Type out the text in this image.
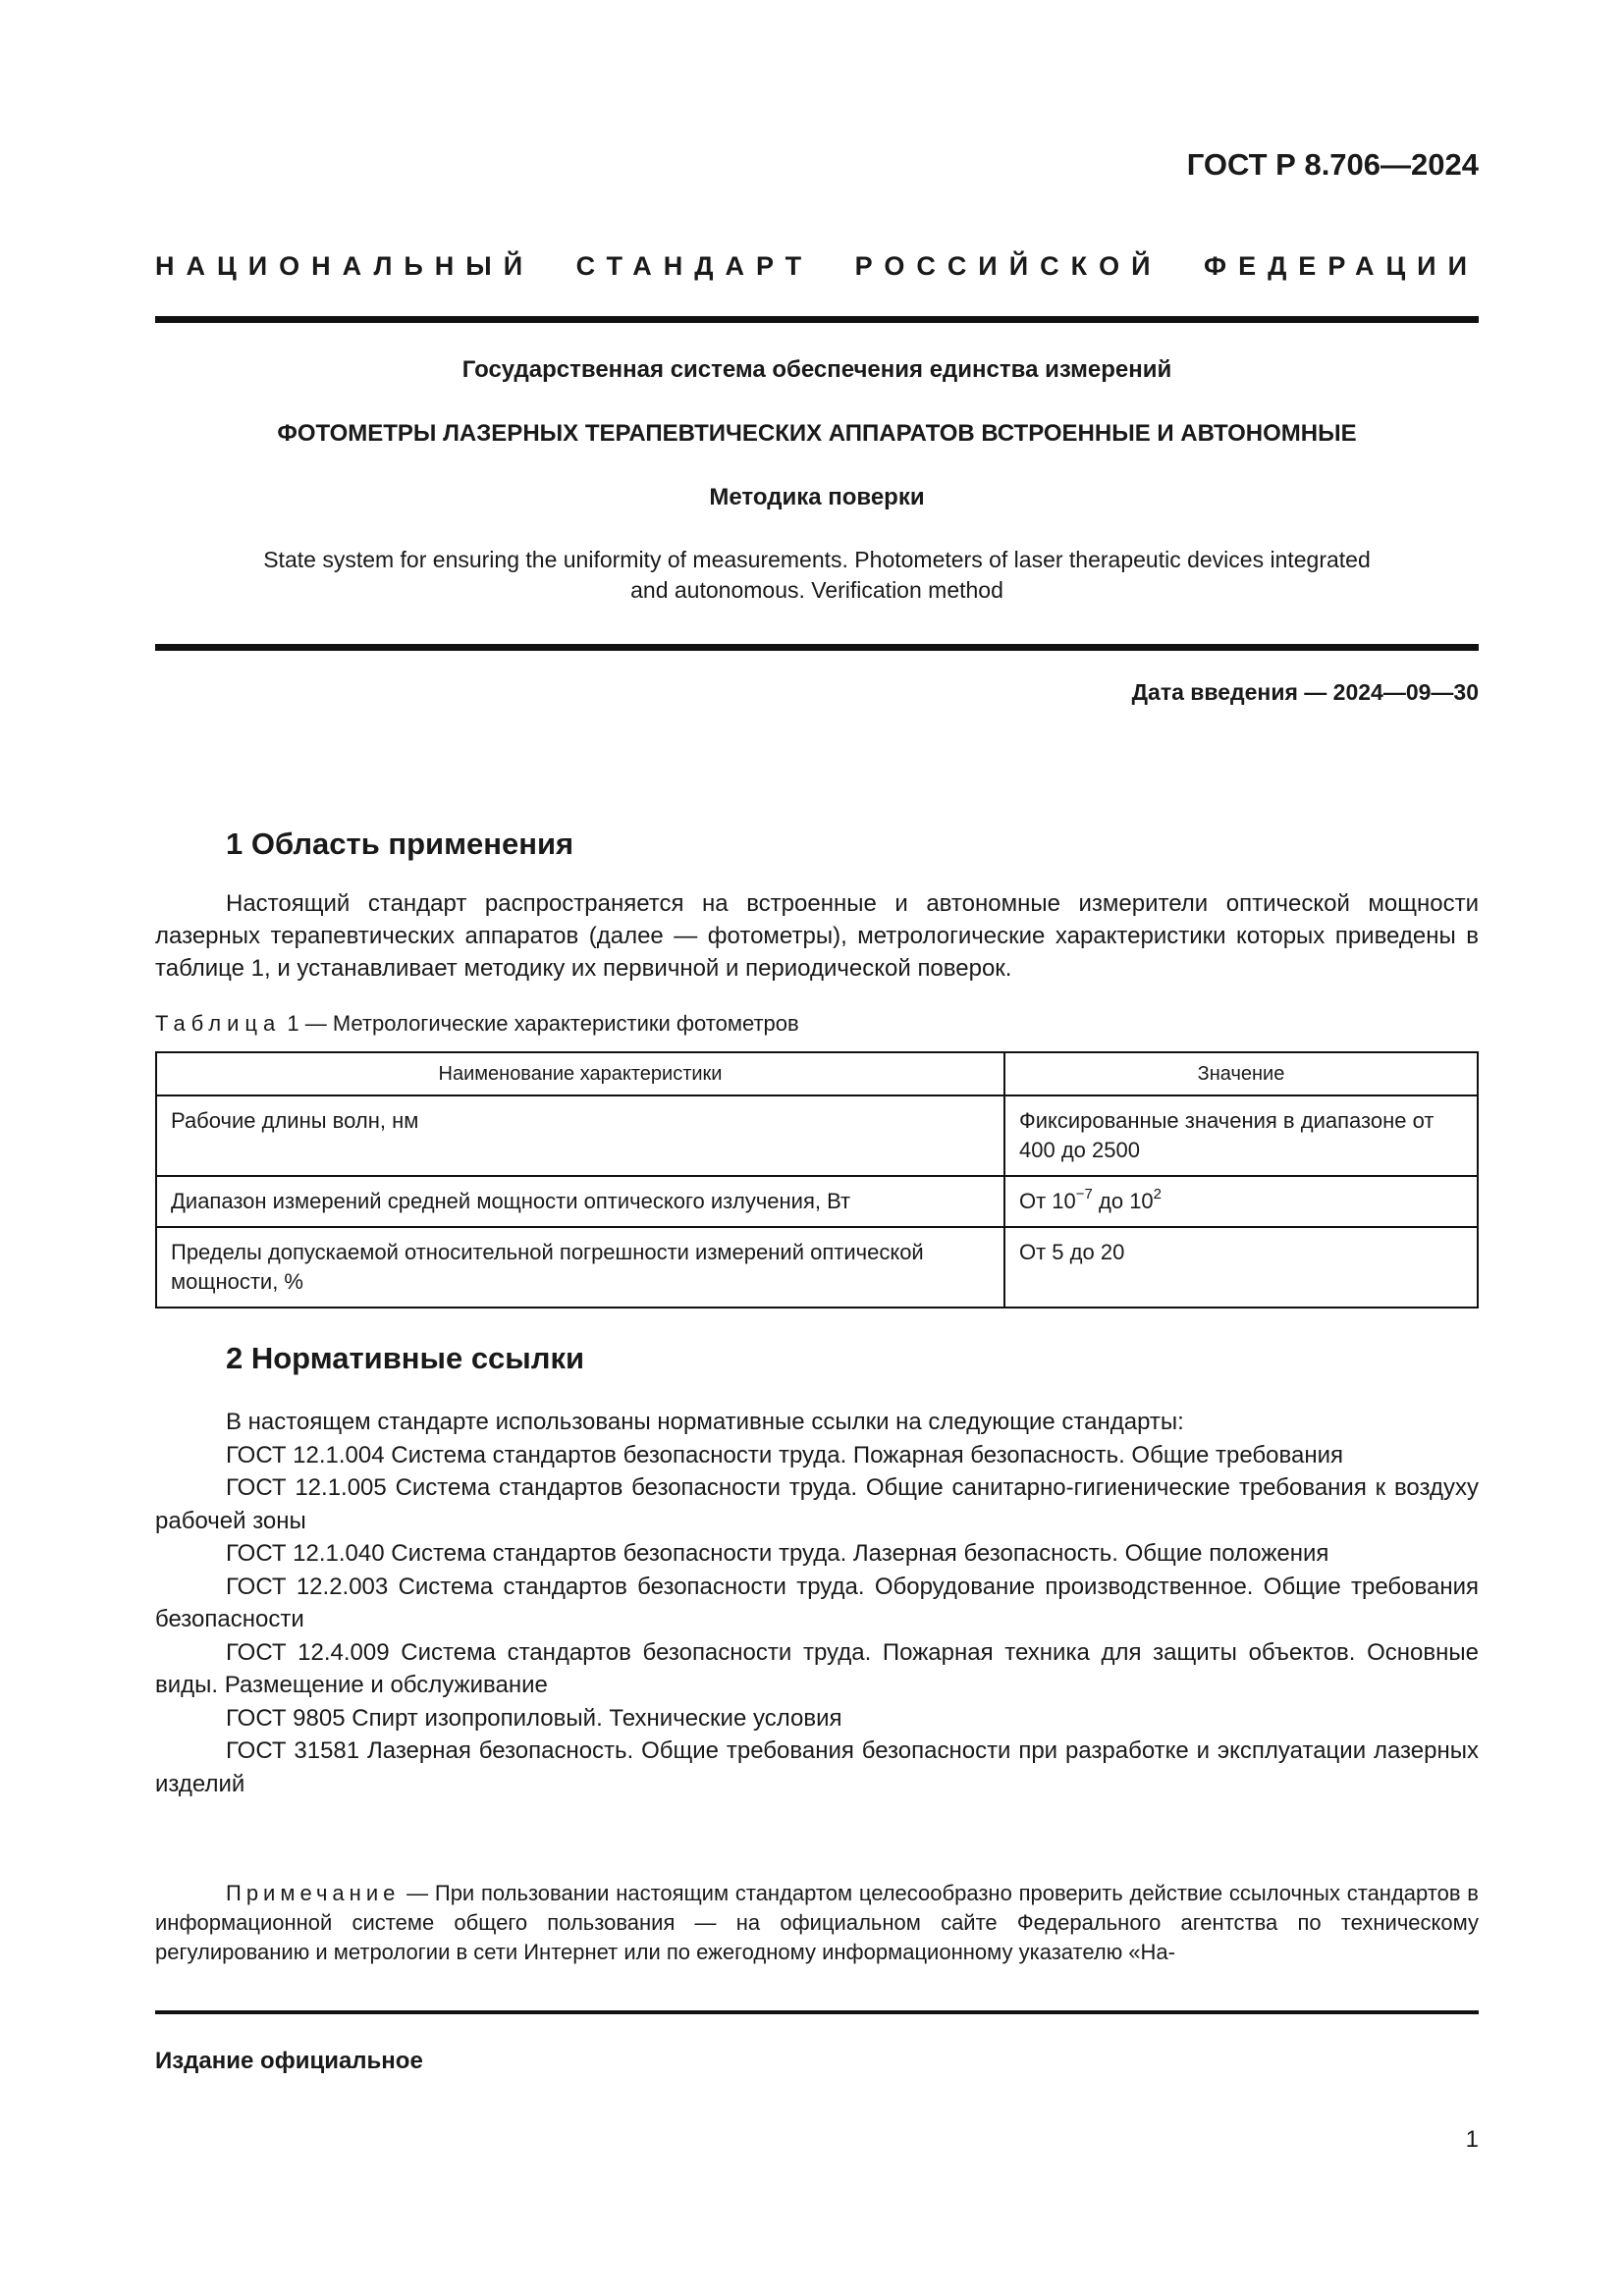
ГОСТ Р 8.706—2024
НАЦИОНАЛЬНЫЙ СТАНДАРТ РОССИЙСКОЙ ФЕДЕРАЦИИ
Государственная система обеспечения единства измерений
ФОТОМЕТРЫ ЛАЗЕРНЫХ ТЕРАПЕВТИЧЕСКИХ АППАРАТОВ ВСТРОЕННЫЕ И АВТОНОМНЫЕ
Методика поверки
State system for ensuring the uniformity of measurements. Photometers of laser therapeutic devices integrated and autonomous. Verification method
Дата введения — 2024—09—30
1 Область применения
Настоящий стандарт распространяется на встроенные и автономные измерители оптической мощности лазерных терапевтических аппаратов (далее — фотометры), метрологические характеристики которых приведены в таблице 1, и устанавливает методику их первичной и периодической поверок.
Таблица 1 — Метрологические характеристики фотометров
Наименование характеристики	Значение
Рабочие длины волн, нм	Фиксированные значения в диапазоне от 400 до 2500
Диапазон измерений средней мощности оптического излучения, Вт	От $10^{-7}$ до $10^2$
Пределы допускаемой относительной погрешности измерений оптической мощности, %	От 5 до 20
2 Нормативные ссылки
В настоящем стандарте использованы нормативные ссылки на следующие стандарты:
ГОСТ 12.1.004 Система стандартов безопасности труда. Пожарная безопасность. Общие требования
ГОСТ 12.1.005 Система стандартов безопасности труда. Общие санитарно-гигиенические требования к воздуху рабочей зоны
ГОСТ 12.1.040 Система стандартов безопасности труда. Лазерная безопасность. Общие положения
ГОСТ 12.2.003 Система стандартов безопасности труда. Оборудование производственное. Общие требования безопасности
ГОСТ 12.4.009 Система стандартов безопасности труда. Пожарная техника для защиты объектов. Основные виды. Размещение и обслуживание
ГОСТ 9805 Спирт изопропиловый. Технические условия
ГОСТ 31581 Лазерная безопасность. Общие требования безопасности при разработке и эксплуатации лазерных изделий
Примечание — При пользовании настоящим стандартом целесообразно проверить действие ссылочных стандартов в информационной системе общего пользования — на официальном сайте Федерального агентства по техническому регулированию и метрологии в сети Интернет или по ежегодному информационному указателю «На-
Издание официальное
1
